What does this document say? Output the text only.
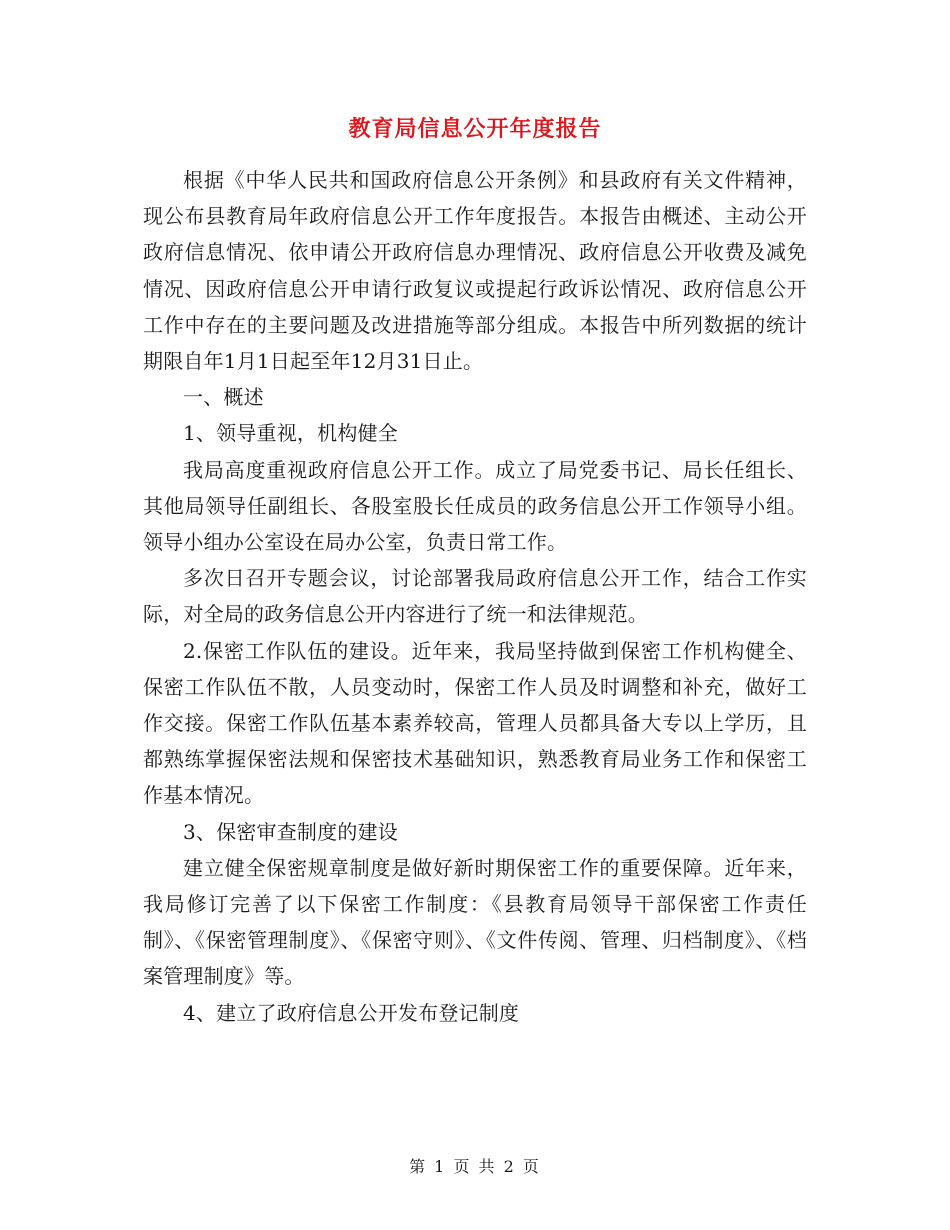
教育局信息公开年度报告

根据《中华人民共和国政府信息公开条例》和县政府有关文件精神，现公布县教育局年政府信息公开工作年度报告。本报告由概述、主动公开政府信息情况、依申请公开政府信息办理情况、政府信息公开收费及减免情况、因政府信息公开申请行政复议或提起行政诉讼情况、政府信息公开工作中存在的主要问题及改进措施等部分组成。本报告中所列数据的统计期限自年1月1日起至年12月31日止。

一、概述

1、领导重视，机构健全

我局高度重视政府信息公开工作。成立了局党委书记、局长任组长、其他局领导任副组长、各股室股长任成员的政务信息公开工作领导小组。领导小组办公室设在局办公室，负责日常工作。

多次日召开专题会议，讨论部署我局政府信息公开工作，结合工作实际，对全局的政务信息公开内容进行了统一和法律规范。

2.保密工作队伍的建设。近年来，我局坚持做到保密工作机构健全、保密工作队伍不散，人员变动时，保密工作人员及时调整和补充，做好工作交接。保密工作队伍基本素养较高，管理人员都具备大专以上学历，且都熟练掌握保密法规和保密技术基础知识，熟悉教育局业务工作和保密工作基本情况。

3、保密审查制度的建设

建立健全保密规章制度是做好新时期保密工作的重要保障。近年来，我局修订完善了以下保密工作制度：《县教育局领导干部保密工作责任制》、《保密管理制度》、《保密守则》、《文件传阅、管理、归档制度》、《档案管理制度》等。

4、建立了政府信息公开发布登记制度

第 1 页 共 2 页
